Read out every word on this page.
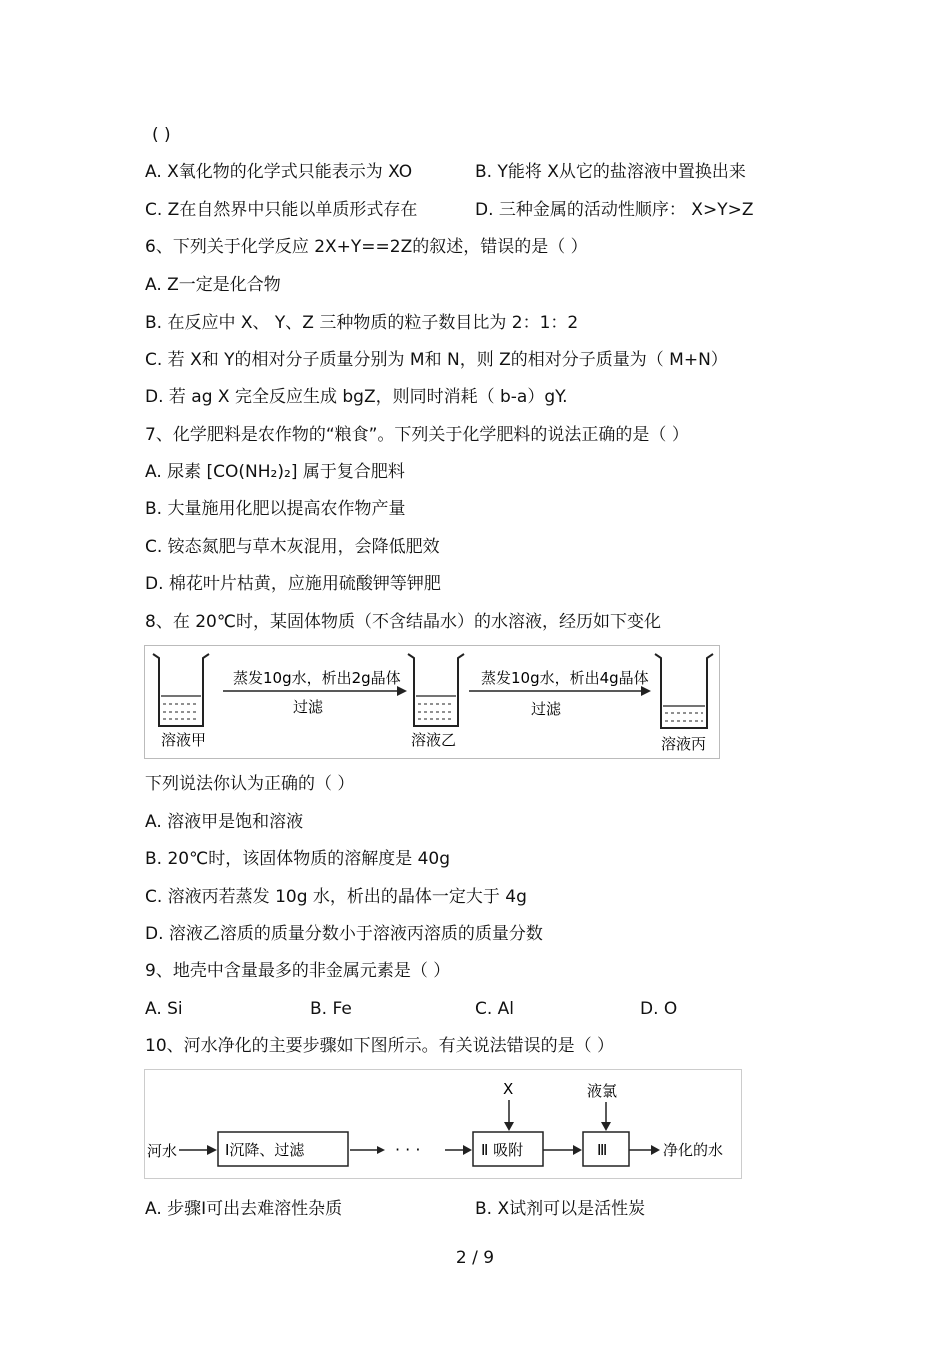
( )
A. X氧化物的化学式只能表示为 XO	B. Y能将 X从它的盐溶液中置换出来
C. Z在自然界中只能以单质形式存在	D. 三种金属的活动性顺序： X>Y>Z
6、下列关于化学反应 2X+Y==2Z的叙述，错误的是（ ）
A. Z一定是化合物
B. 在反应中 X、 Y、Z 三种物质的粒子数目比为 2：1：2
C. 若 X和 Y的相对分子质量分别为 M和 N，则 Z的相对分子质量为（ M+N）
D. 若 ag X 完全反应生成 bgZ，则同时消耗（ b-a）gY.
7、化学肥料是农作物的“粮食”。下列关于化学肥料的说法正确的是（ ）
A. 尿素 [CO(NH₂)₂] 属于复合肥料
B. 大量施用化肥以提高农作物产量
C. 铵态氮肥与草木灰混用，会降低肥效
D. 棉花叶片枯黄，应施用硫酸钾等钾肥
8、在 20℃时，某固体物质（不含结晶水）的水溶液，经历如下变化
溶液甲
蒸发10g水，析出2g晶体
过滤
溶液乙
蒸发10g水，析出4g晶体
过滤
溶液丙
下列说法你认为正确的（ ）
A. 溶液甲是饱和溶液
B. 20℃时，该固体物质的溶解度是 40g
C. 溶液丙若蒸发 10g 水，析出的晶体一定大于 4g
D. 溶液乙溶质的质量分数小于溶液丙溶质的质量分数
9、地壳中含量最多的非金属元素是（ ）
A. Si	B. Fe	C. Al	D. O
10、河水净化的主要步骤如下图所示。有关说法错误的是（ ）
河水	Ⅰ沉降、过滤	· · ·	Ⅱ 吸附
X
Ⅲ
液氯
净化的水
A. 步骤Ⅰ可出去难溶性杂质	B. X试剂可以是活性炭
2 / 9
